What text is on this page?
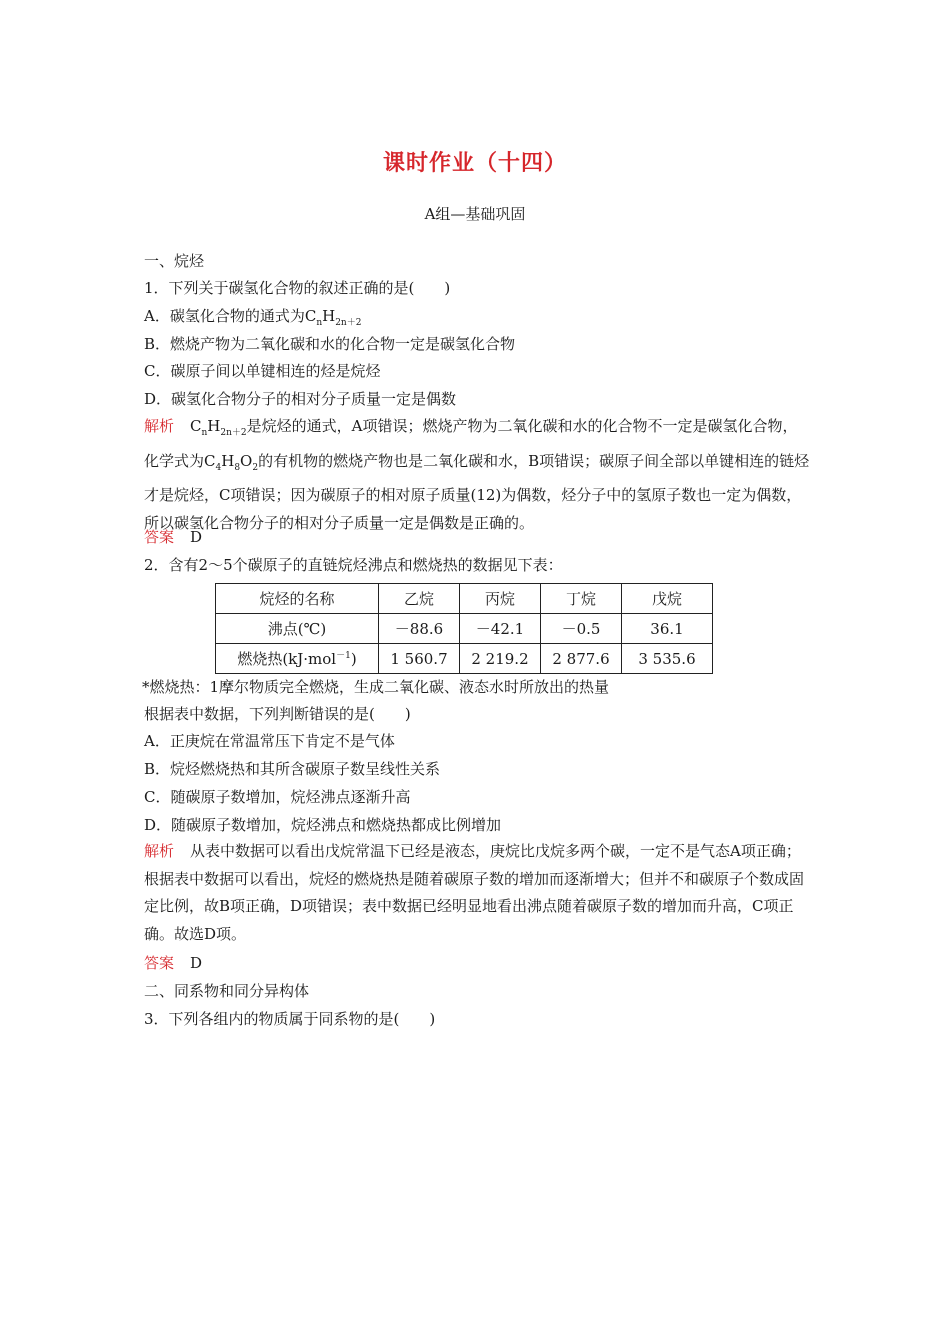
课时作业（十四）
A组—基础巩固
一、烷烃
1．下列关于碳氢化合物的叙述正确的是(　　)
A．碳氢化合物的通式为$C_nH_{2n+2}$
B．燃烧产物为二氧化碳和水的化合物一定是碳氢化合物
C．碳原子间以单键相连的烃是烷烃
D．碳氢化合物分子的相对分子质量一定是偶数
解析 $C_nH_{2n+2}$是烷烃的通式，A项错误；燃烧产物为二氧化碳和水的化合物不一定是碳氢化合物，化学式为$C_4H_8O_2$的有机物的燃烧产物也是二氧化碳和水，B项错误；碳原子间全部以单键相连的链烃才是烷烃，C项错误；因为碳原子的相对原子质量(12)为偶数，烃分子中的氢原子数也一定为偶数，所以碳氢化合物分子的相对分子质量一定是偶数是正确的。
答案 D
2．含有2～5个碳原子的直链烷烃沸点和燃烧热的数据见下表：
烷烃的名称	乙烷	丙烷	丁烷	戊烷
沸点(℃)	－88.6	－42.1	－0.5	36.1
燃烧热(kJ·mol$^{-1}$)	1 560.7	2 219.2	2 877.6	3 535.6
*燃烧热：1摩尔物质完全燃烧，生成二氧化碳、液态水时所放出的热量
根据表中数据，下列判断错误的是(　　)
A．正庚烷在常温常压下肯定不是气体
B．烷烃燃烧热和其所含碳原子数呈线性关系
C．随碳原子数增加，烷烃沸点逐渐升高
D．随碳原子数增加，烷烃沸点和燃烧热都成比例增加
解析 从表中数据可以看出戊烷常温下已经是液态，庚烷比戊烷多两个碳，一定不是气态A项正确；根据表中数据可以看出，烷烃的燃烧热是随着碳原子数的增加而逐渐增大；但并不和碳原子个数成固定比例，故B项正确，D项错误；表中数据已经明显地看出沸点随着碳原子数的增加而升高，C项正确。故选D项。
答案 D
二、同系物和同分异构体
3．下列各组内的物质属于同系物的是(　　)
